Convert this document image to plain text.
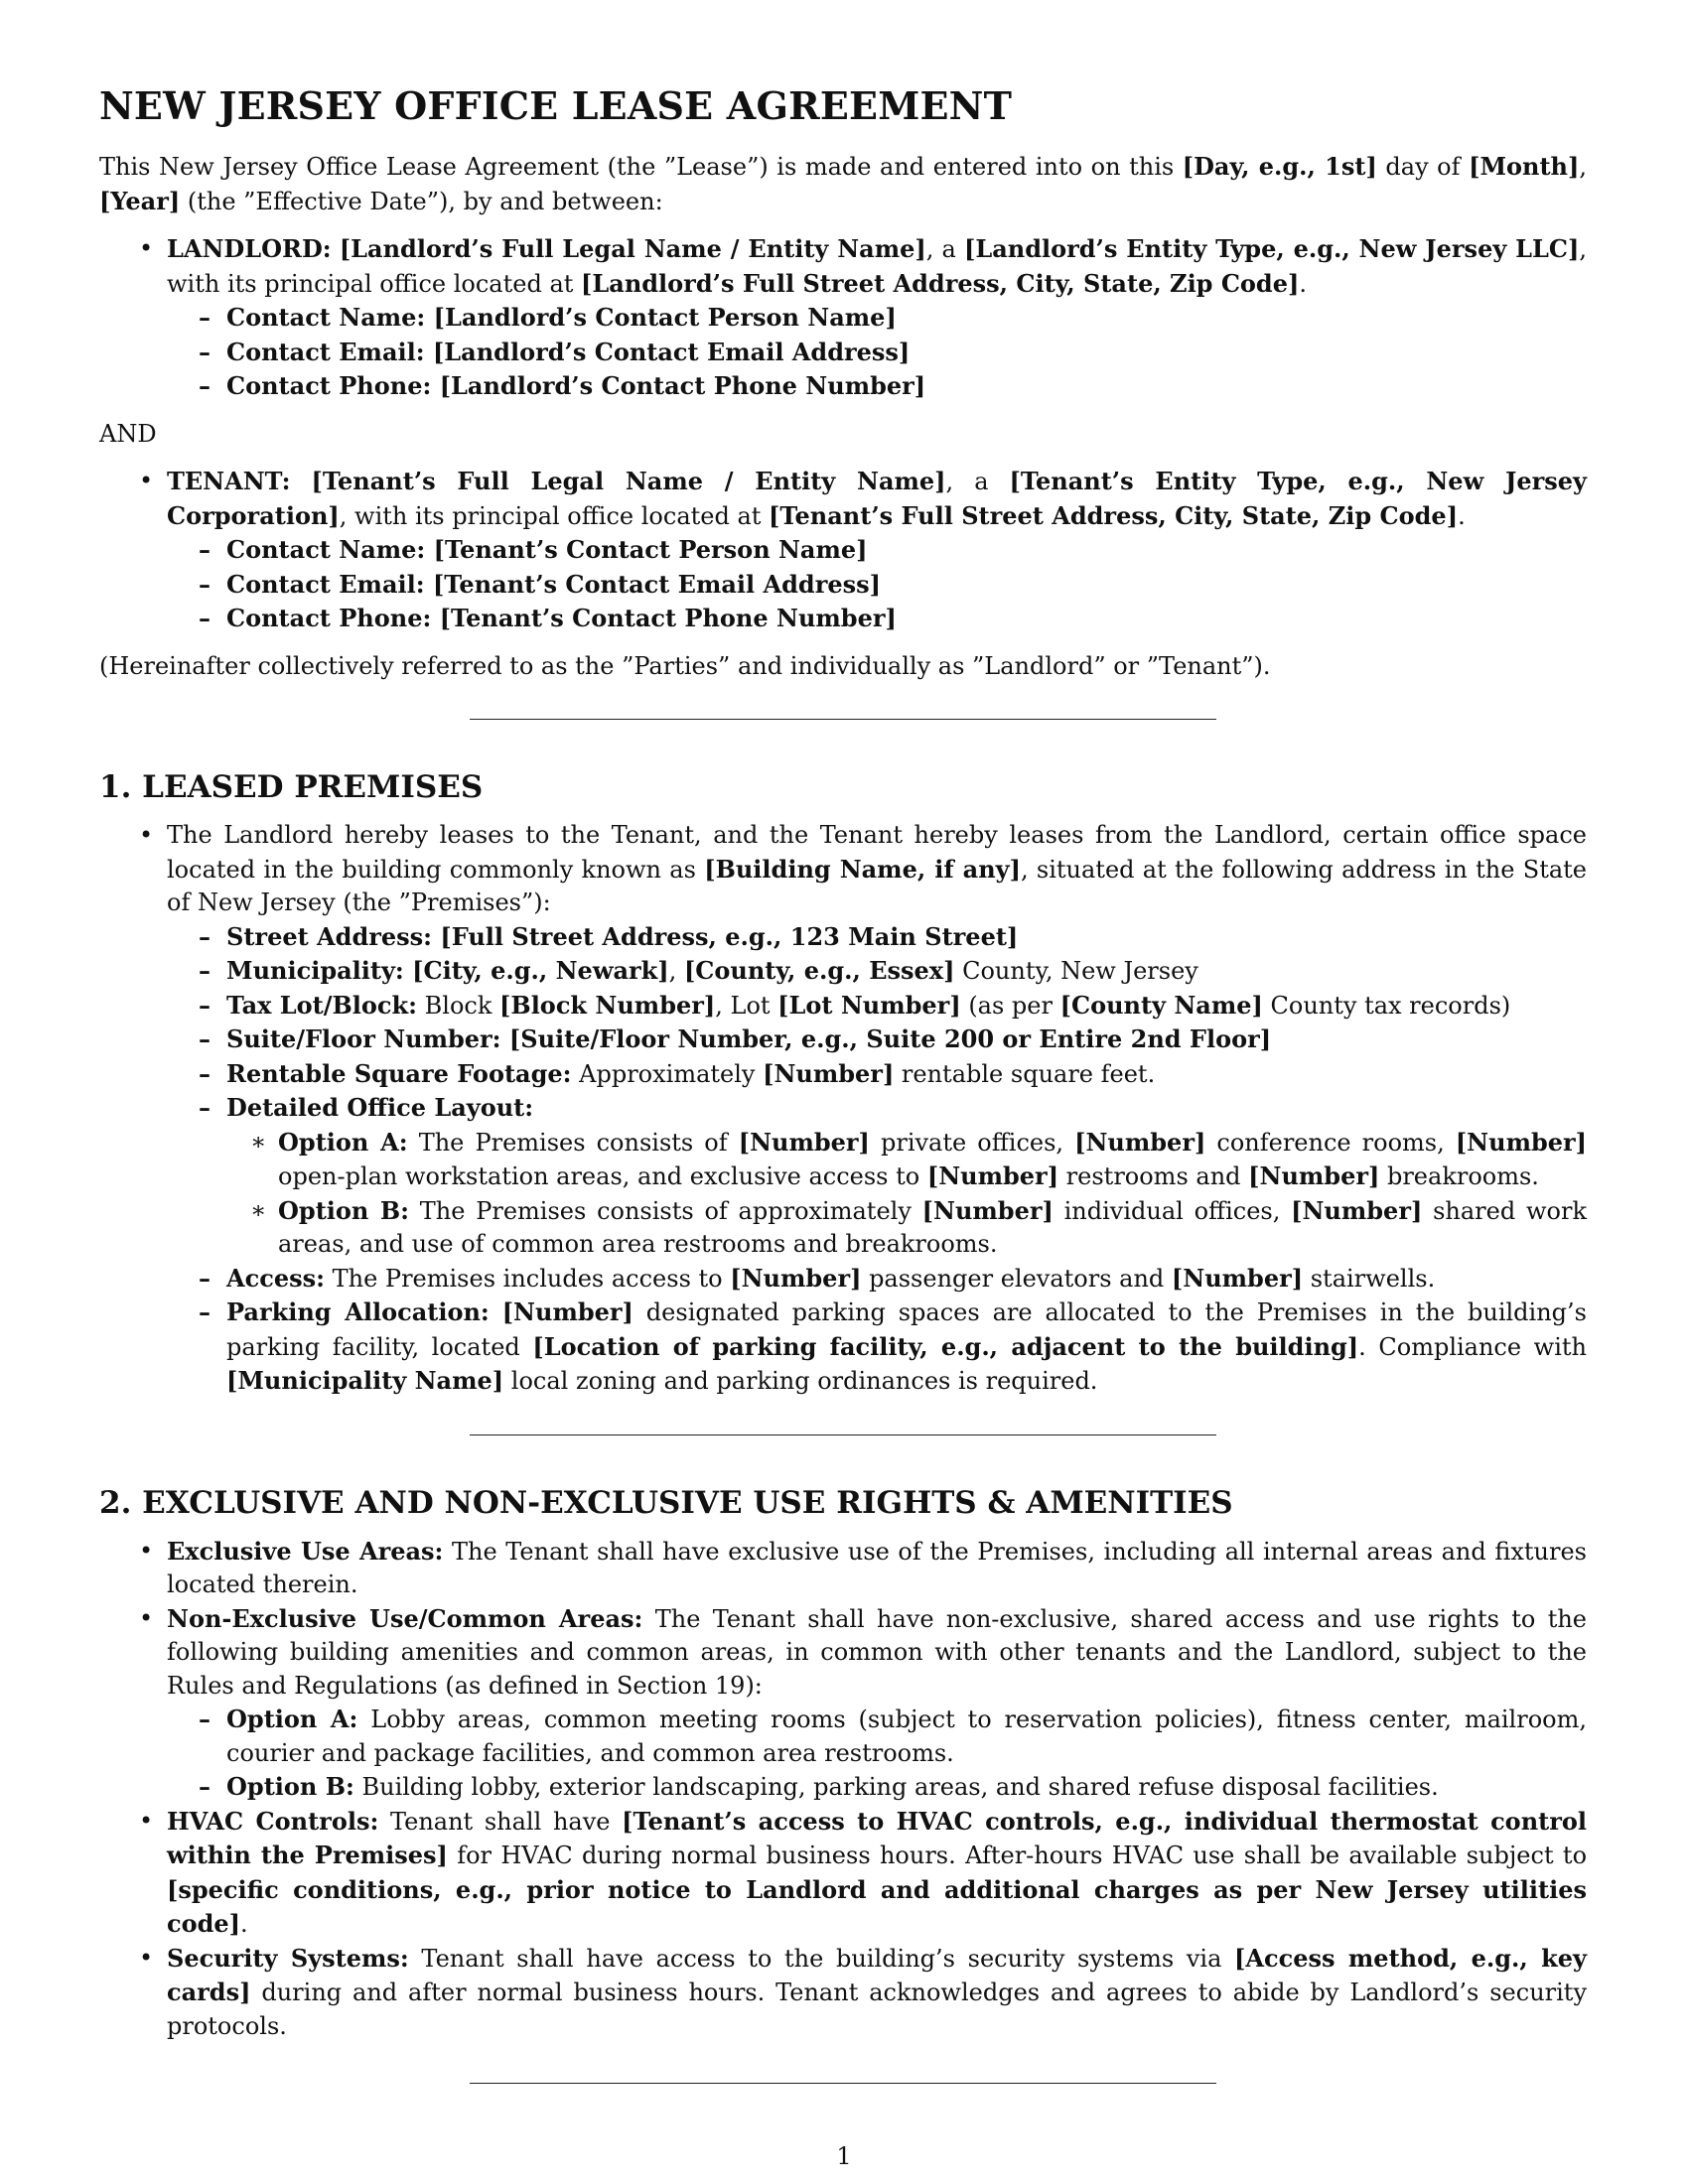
NEW JERSEY OFFICE LEASE AGREEMENT

This New Jersey Office Lease Agreement (the ”Lease”) is made and entered into on this [Day, e.g., 1st] day of [Month], [Year] (the ”Effective Date”), by and between:

• LANDLORD: [Landlord’s Full Legal Name / Entity Name], a [Landlord’s Entity Type, e.g., New Jersey LLC], with its principal office located at [Landlord’s Full Street Address, City, State, Zip Code].
– Contact Name: [Landlord’s Contact Person Name]
– Contact Email: [Landlord’s Contact Email Address]
– Contact Phone: [Landlord’s Contact Phone Number]

AND

• TENANT: [Tenant’s Full Legal Name / Entity Name], a [Tenant’s Entity Type, e.g., New Jersey Corporation], with its principal office located at [Tenant’s Full Street Address, City, State, Zip Code].
– Contact Name: [Tenant’s Contact Person Name]
– Contact Email: [Tenant’s Contact Email Address]
– Contact Phone: [Tenant’s Contact Phone Number]

(Hereinafter collectively referred to as the ”Parties” and individually as ”Landlord” or ”Tenant”).

1. LEASED PREMISES
• The Landlord hereby leases to the Tenant, and the Tenant hereby leases from the Landlord, certain office space located in the building commonly known as [Building Name, if any], situated at the following address in the State of New Jersey (the ”Premises”):
– Street Address: [Full Street Address, e.g., 123 Main Street]
– Municipality: [City, e.g., Newark], [County, e.g., Essex] County, New Jersey
– Tax Lot/Block: Block [Block Number], Lot [Lot Number] (as per [County Name] County tax records)
– Suite/Floor Number: [Suite/Floor Number, e.g., Suite 200 or Entire 2nd Floor]
– Rentable Square Footage: Approximately [Number] rentable square feet.
– Detailed Office Layout:
∗ Option A: The Premises consists of [Number] private offices, [Number] conference rooms, [Number] open-plan workstation areas, and exclusive access to [Number] restrooms and [Number] breakrooms.
∗ Option B: The Premises consists of approximately [Number] individual offices, [Number] shared work areas, and use of common area restrooms and breakrooms.
– Access: The Premises includes access to [Number] passenger elevators and [Number] stairwells.
– Parking Allocation: [Number] designated parking spaces are allocated to the Premises in the building’s parking facility, located [Location of parking facility, e.g., adjacent to the building]. Compliance with [Municipality Name] local zoning and parking ordinances is required.
2. EXCLUSIVE AND NON-EXCLUSIVE USE RIGHTS & AMENITIES
• Exclusive Use Areas: The Tenant shall have exclusive use of the Premises, including all internal areas and fixtures located therein.
• Non-Exclusive Use/Common Areas: The Tenant shall have non-exclusive, shared access and use rights to the following building amenities and common areas, in common with other tenants and the Landlord, subject to the Rules and Regulations (as defined in Section 19):
– Option A: Lobby areas, common meeting rooms (subject to reservation policies), fitness center, mailroom, courier and package facilities, and common area restrooms.
– Option B: Building lobby, exterior landscaping, parking areas, and shared refuse disposal facilities.
• HVAC Controls: Tenant shall have [Tenant’s access to HVAC controls, e.g., individual thermostat control within the Premises] for HVAC during normal business hours. After-hours HVAC use shall be available subject to [specific conditions, e.g., prior notice to Landlord and additional charges as per New Jersey utilities code].
• Security Systems: Tenant shall have access to the building’s security systems via [Access method, e.g., key cards] during and after normal business hours. Tenant acknowledges and agrees to abide by Landlord’s security protocols.
1
